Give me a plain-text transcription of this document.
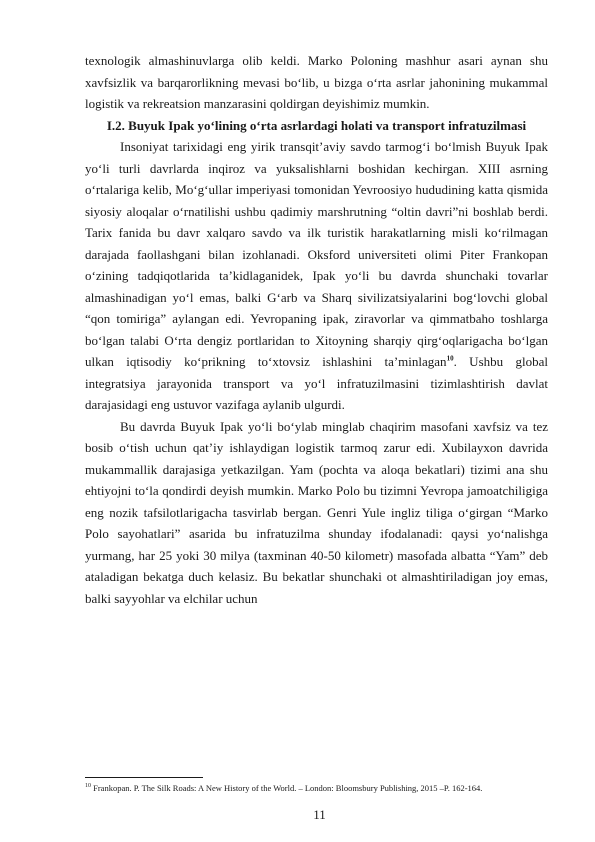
texnologik almashinuvlarga olib keldi. Marko Poloning mashhur asari aynan shu xavfsizlik va barqarorlikning mevasi bo‘lib, u bizga o‘rta asrlar jahonining mukammal logistik va rekreatsion manzarasini qoldirgan deyishimiz mumkin.

I.2. Buyuk Ipak yo‘lining o‘rta asrlardagi holati va transport infratuzilmasi

Insoniyat tarixidagi eng yirik transqit’aviy savdo tarmog‘i bo‘lmish Buyuk Ipak yo‘li turli davrlarda inqiroz va yuksalishlarni boshidan kechirgan. XIII asrning o‘rtalariga kelib, Mo‘g‘ullar imperiyasi tomonidan Yevroosiyo hududining katta qismida siyosiy aloqalar o‘rnatilishi ushbu qadimiy marshrutning “oltin davri”ni boshlab berdi. Tarix fanida bu davr xalqaro savdo va ilk turistik harakatlarning misli ko‘rilmagan darajada faollashgani bilan izohlanadi. Oksford universiteti olimi Piter Frankopan o‘zining tadqiqotlarida ta’kidlaganidek, Ipak yo‘li bu davrda shunchaki tovarlar almashinadigan yo‘l emas, balki G‘arb va Sharq sivilizatsiyalarini bog‘lovchi global “qon tomiriga” aylangan edi. Yevropaning ipak, ziravorlar va qimmatbaho toshlarga bo‘lgan talabi O‘rta dengiz portlaridan to Xitoyning sharqiy qirg‘oqlarigacha bo‘lgan ulkan iqtisodiy ko‘prikning to‘xtovsiz ishlashini ta’minlagan$^{10}$. Ushbu global integratsiya jarayonida transport va yo‘l infratuzilmasini tizimlashtirish davlat darajasidagi eng ustuvor vazifaga aylanib ulgurdi.

Bu davrda Buyuk Ipak yo‘li bo‘ylab minglab chaqirim masofani xavfsiz va tez bosib o‘tish uchun qat’iy ishlaydigan logistik tarmoq zarur edi. Xubilayxon davrida mukammallik darajasiga yetkazilgan. Yam (pochta va aloqa bekatlari) tizimi ana shu ehtiyojni to‘la qondirdi deyish mumkin. Marko Polo bu tizimni Yevropa jamoatchiligiga eng nozik tafsilotlarigacha tasvirlab bergan. Genri Yule ingliz tiliga o‘girgan “Marko Polo sayohatlari” asarida bu infratuzilma shunday ifodalanadi: qaysi yo‘nalishga yurmang, har 25 yoki 30 milya (taxminan 40-50 kilometr) masofada albatta “Yam” deb ataladigan bekatga duch kelasiz. Bu bekatlar shunchaki ot almashtiriladigan joy emas, balki sayyohlar va elchilar uchun

$^{10}$ Frankopan. P. The Silk Roads: A New History of the World. – London: Bloomsbury Publishing, 2015 –P. 162-164.
11
